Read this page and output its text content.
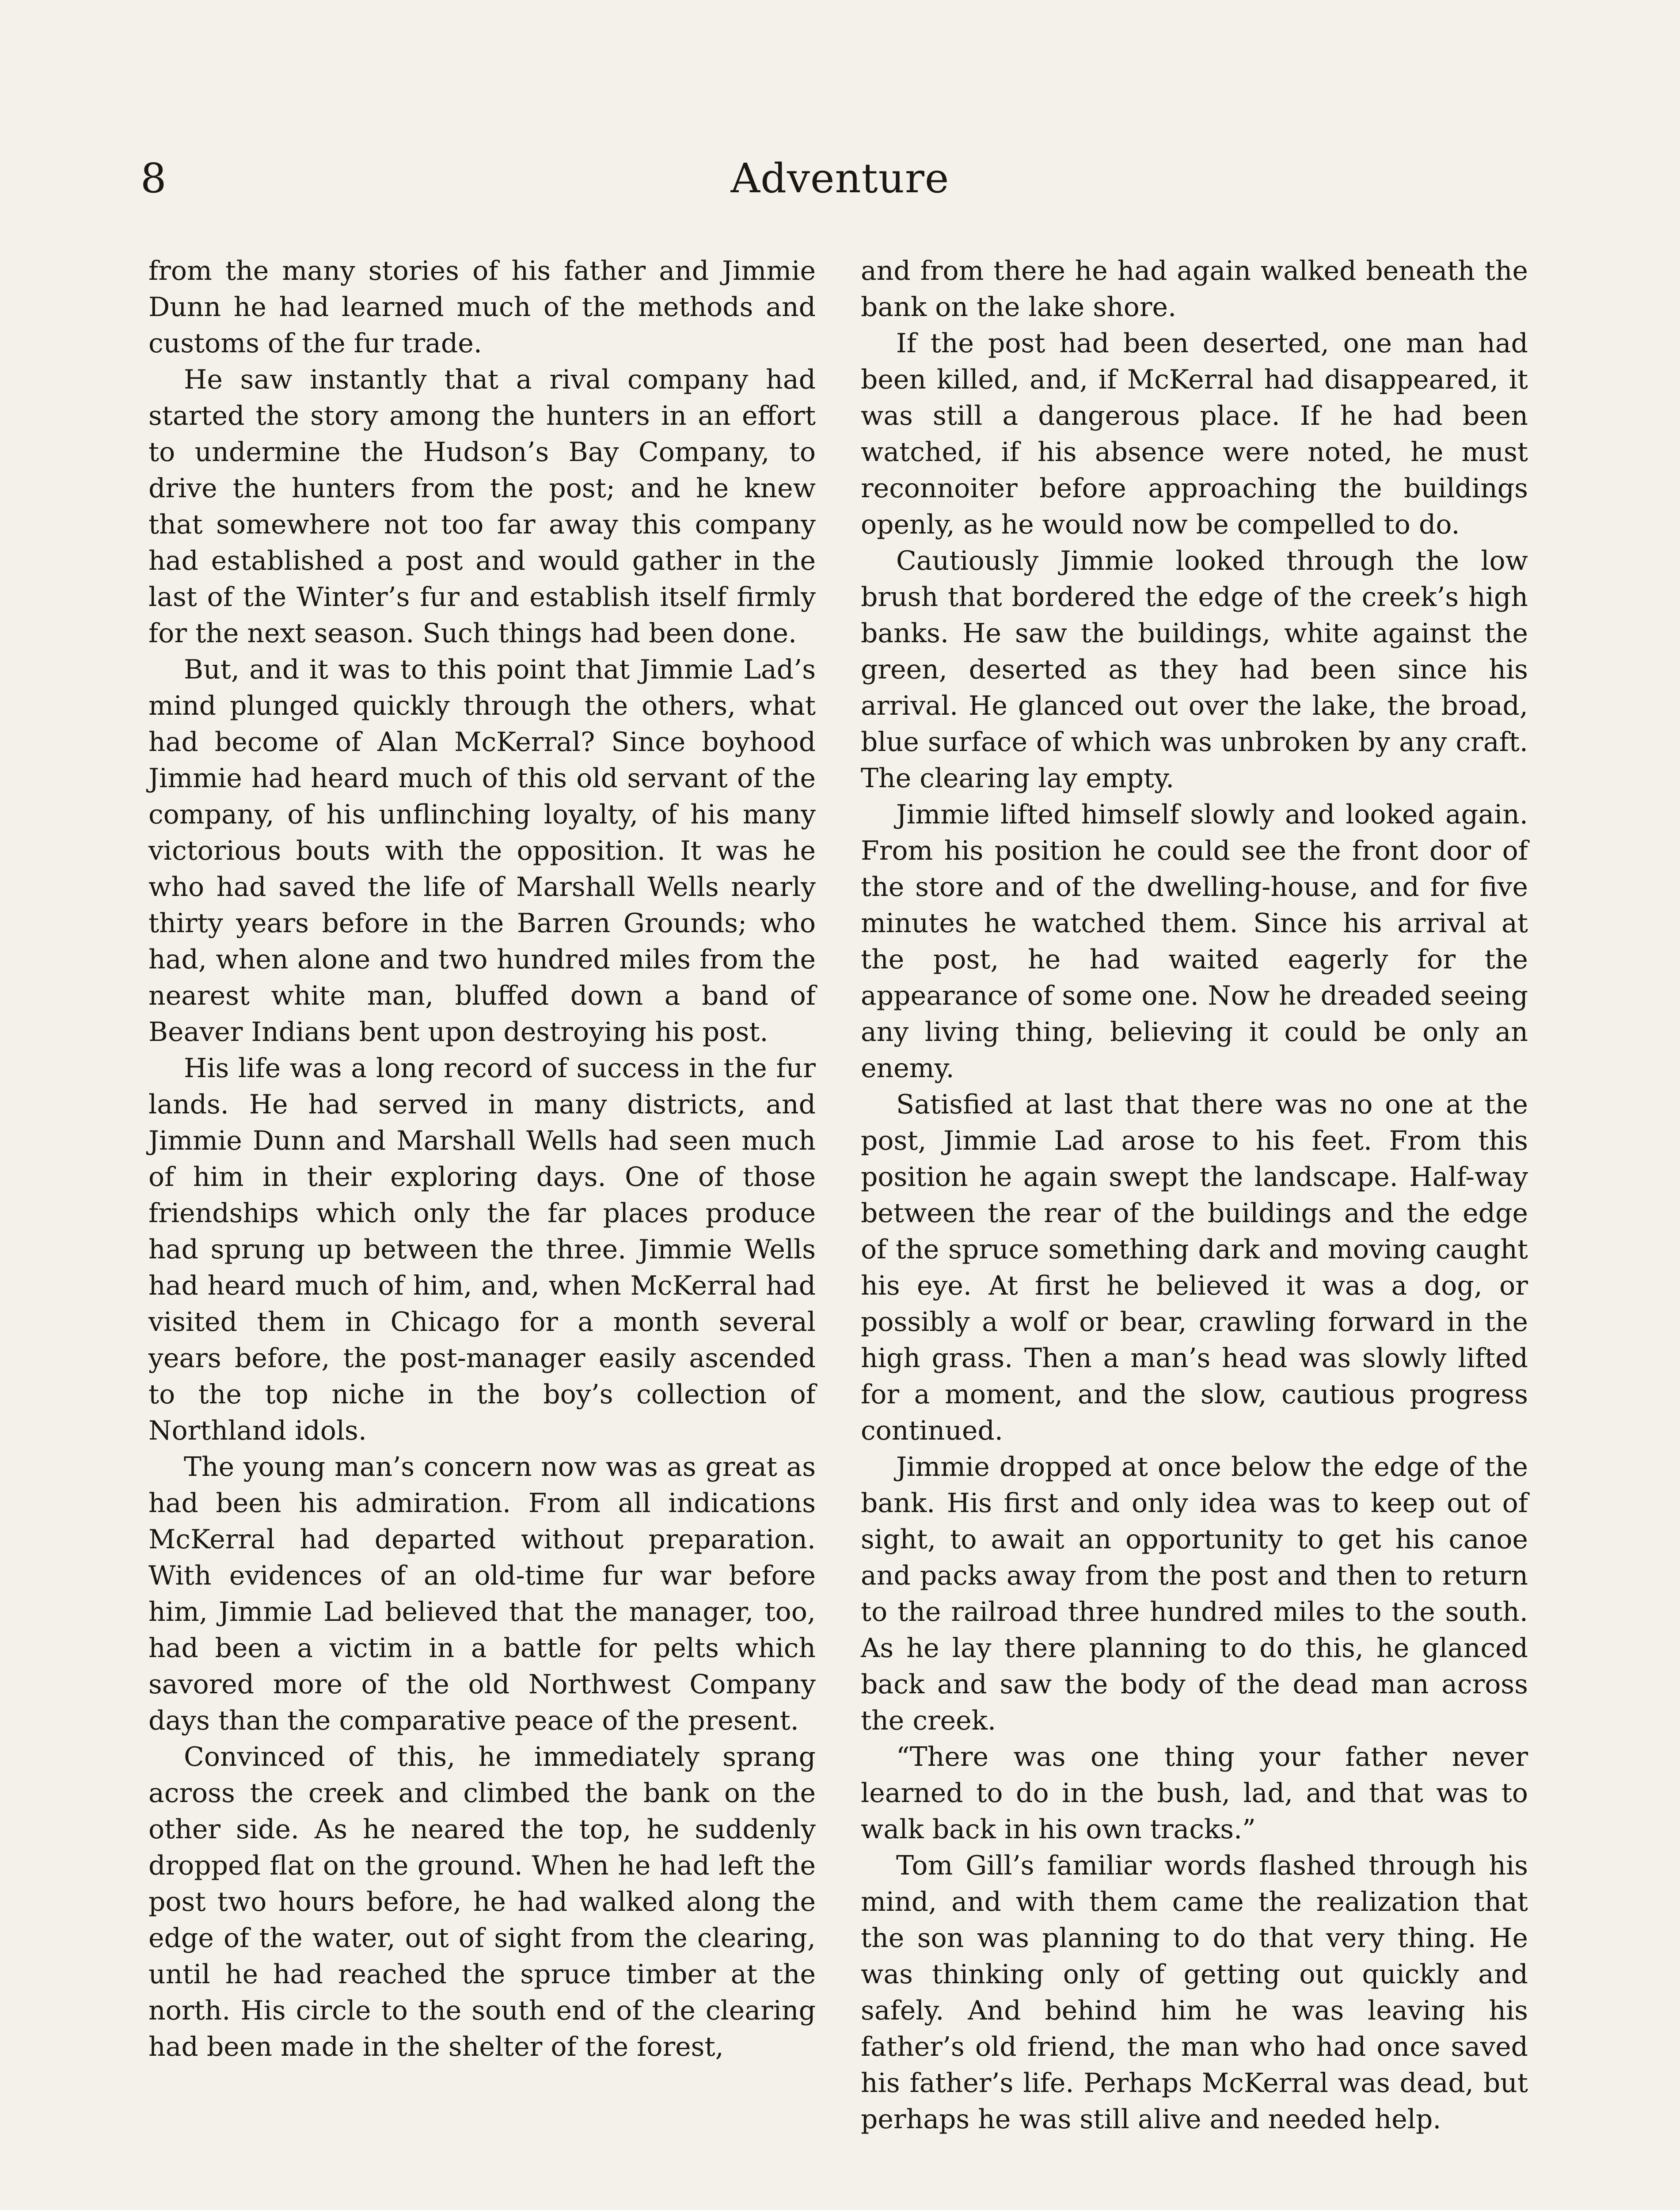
8	Adventure

from the many stories of his father and Jimmie Dunn he had learned much of the methods and customs of the fur trade.

He saw instantly that a rival company had started the story among the hunters in an effort to undermine the Hudson’s Bay Company, to drive the hunters from the post; and he knew that somewhere not too far away this company had established a post and would gather in the last of the Winter’s fur and establish itself firmly for the next season. Such things had been done.

But, and it was to this point that Jimmie Lad’s mind plunged quickly through the others, what had become of Alan McKerral? Since boyhood Jimmie had heard much of this old servant of the company, of his unflinching loyalty, of his many victorious bouts with the opposition. It was he who had saved the life of Marshall Wells nearly thirty years before in the Barren Grounds; who had, when alone and two hundred miles from the nearest white man, bluffed down a band of Beaver Indians bent upon destroying his post.

His life was a long record of success in the fur lands. He had served in many districts, and Jimmie Dunn and Marshall Wells had seen much of him in their exploring days. One of those friendships which only the far places produce had sprung up between the three. Jimmie Wells had heard much of him, and, when McKerral had visited them in Chicago for a month several years before, the post-manager easily ascended to the top niche in the boy’s collection of Northland idols.

The young man’s concern now was as great as had been his admiration. From all indications McKerral had departed without preparation. With evidences of an old-time fur war before him, Jimmie Lad believed that the manager, too, had been a victim in a battle for pelts which savored more of the old Northwest Company days than the comparative peace of the present.

Convinced of this, he immediately sprang across the creek and climbed the bank on the other side. As he neared the top, he suddenly dropped flat on the ground. When he had left the post two hours before, he had walked along the edge of the water, out of sight from the clearing, until he had reached the spruce timber at the north. His circle to the south end of the clearing had been made in the shelter of the forest,

and from there he had again walked beneath the bank on the lake shore.

If the post had been deserted, one man had been killed, and, if McKerral had disappeared, it was still a dangerous place. If he had been watched, if his absence were noted, he must reconnoiter before approaching the buildings openly, as he would now be compelled to do.

Cautiously Jimmie looked through the low brush that bordered the edge of the creek’s high banks. He saw the buildings, white against the green, deserted as they had been since his arrival. He glanced out over the lake, the broad, blue surface of which was unbroken by any craft. The clearing lay empty.

Jimmie lifted himself slowly and looked again. From his position he could see the front door of the store and of the dwelling-house, and for five minutes he watched them. Since his arrival at the post, he had waited eagerly for the appearance of some one. Now he dreaded seeing any living thing, believing it could be only an enemy.

Satisfied at last that there was no one at the post, Jimmie Lad arose to his feet. From this position he again swept the landscape. Half-way between the rear of the buildings and the edge of the spruce something dark and moving caught his eye. At first he believed it was a dog, or possibly a wolf or bear, crawling forward in the high grass. Then a man’s head was slowly lifted for a moment, and the slow, cautious progress continued.

Jimmie dropped at once below the edge of the bank. His first and only idea was to keep out of sight, to await an opportunity to get his canoe and packs away from the post and then to return to the railroad three hundred miles to the south. As he lay there planning to do this, he glanced back and saw the body of the dead man across the creek.

“There was one thing your father never learned to do in the bush, lad, and that was to walk back in his own tracks.”

Tom Gill’s familiar words flashed through his mind, and with them came the realization that the son was planning to do that very thing. He was thinking only of getting out quickly and safely. And behind him he was leaving his father’s old friend, the man who had once saved his father’s life. Perhaps McKerral was dead, but perhaps he was still alive and needed help.
